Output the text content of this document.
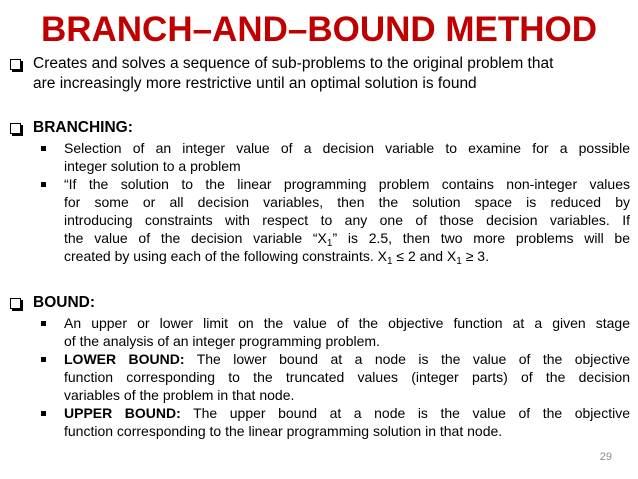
BRANCH–AND–BOUND METHOD
Creates and solves a sequence of sub-problems to the original problem that
are increasingly more restrictive until an optimal solution is found
BRANCHING:
Selection of an integer value of a decision variable to examine for a possible
integer solution to a problem
“If the solution to the linear programming problem contains non-integer values
for some or all decision variables, then the solution space is reduced by
introducing constraints with respect to any one of those decision variables. If
the value of the decision variable “$X_1$” is 2.5, then two more problems will be
created by using each of the following constraints. $X_1 \le 2$ and $X_1 \ge 3$.
BOUND:
An upper or lower limit on the value of the objective function at a given stage
of the analysis of an integer programming problem.
LOWER BOUND: The lower bound at a node is the value of the objective
function corresponding to the truncated values (integer parts) of the decision
variables of the problem in that node.
UPPER BOUND: The upper bound at a node is the value of the objective
function corresponding to the linear programming solution in that node.
29
